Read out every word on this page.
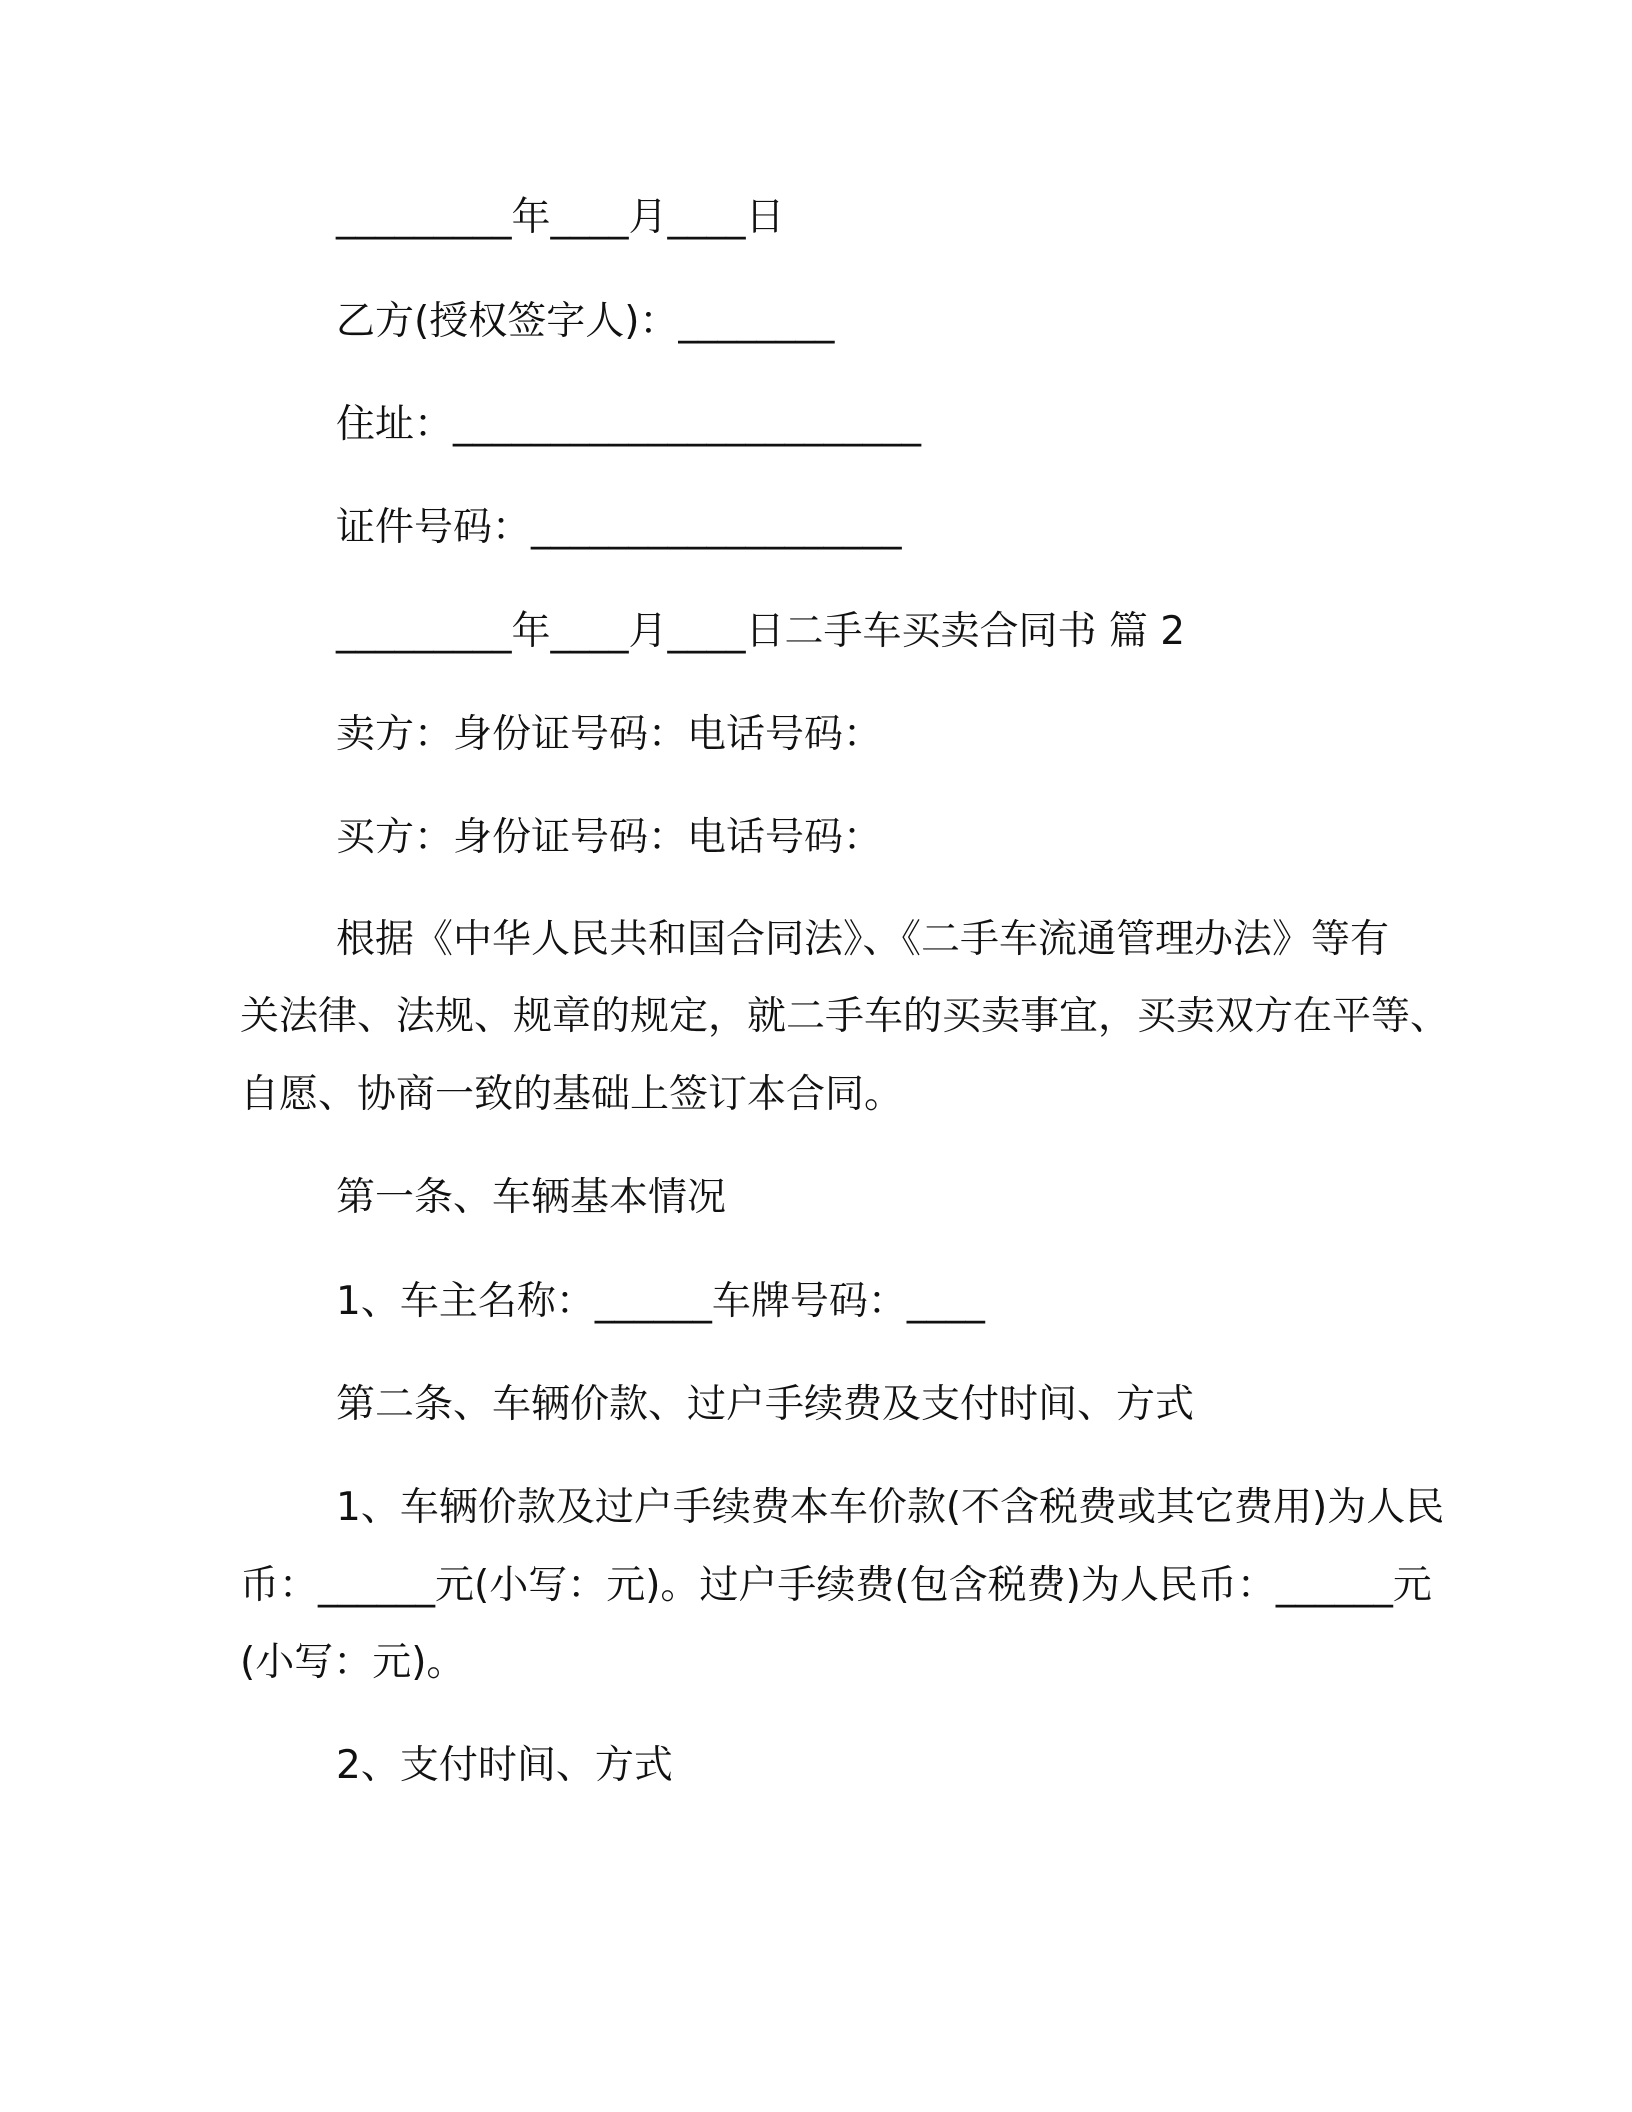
_________年____月____日
乙方(授权签字人)：________
住址：________________________
证件号码：___________________
_________年____月____日二手车买卖合同书 篇 2
卖方：身份证号码：电话号码：
买方：身份证号码：电话号码：
根据《中华人民共和国合同法》、《二手车流通管理办法》等有
关法律、法规、规章的规定，就二手车的买卖事宜，买卖双方在平等、
自愿、协商一致的基础上签订本合同。
第一条、车辆基本情况
1、车主名称：______车牌号码：____
第二条、车辆价款、过户手续费及支付时间、方式
1、车辆价款及过户手续费本车价款(不含税费或其它费用)为人民
币：______元(小写：元)。过户手续费(包含税费)为人民币：______元
(小写：元)。
2、支付时间、方式
